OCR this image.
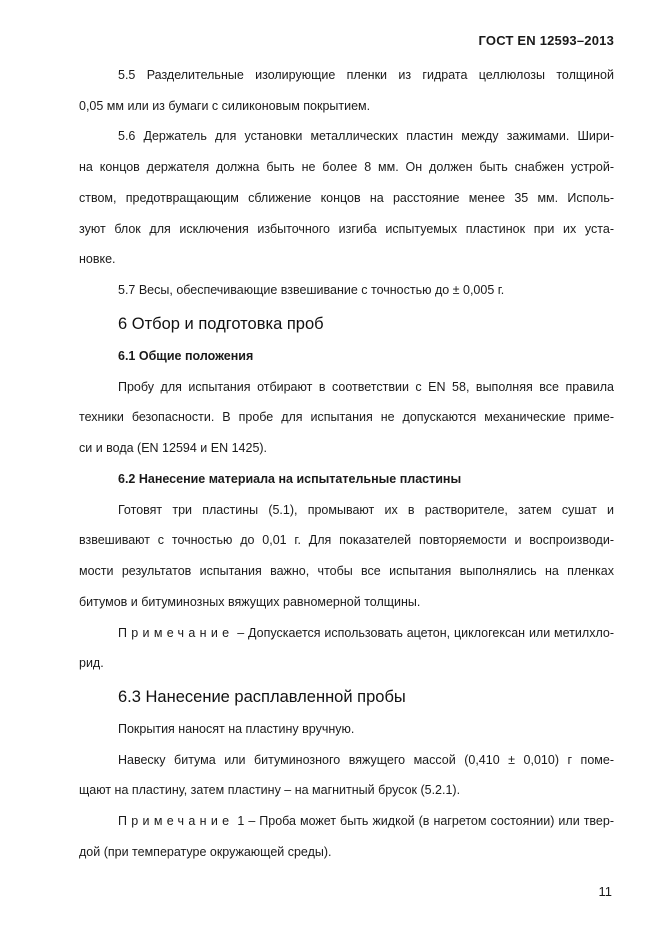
ГОСТ EN 12593–2013

5.5 Разделительные изолирующие пленки из гидрата целлюлозы толщиной

0,05 мм или из бумаги с силиконовым покрытием.

5.6 Держатель для установки металлических пластин между зажимами. Шири-

на концов держателя должна быть не более 8 мм. Он должен быть снабжен устрой-

ством, предотвращающим сближение концов на расстояние менее 35 мм. Исполь-

зуют блок для исключения избыточного изгиба испытуемых пластинок при их уста-

новке.

5.7 Весы, обеспечивающие взвешивание с точностью до ± 0,005 г.

6 Отбор и подготовка проб
6.1 Общие положения

Пробу для испытания отбирают в соответствии с EN 58, выполняя все правила

техники безопасности. В пробе для испытания не допускаются механические приме-

си и вода (EN 12594 и EN 1425).

6.2 Нанесение материала на испытательные пластины

Готовят три пластины (5.1), промывают их в растворителе, затем сушат и

взвешивают с точностью до 0,01 г. Для показателей повторяемости и воспроизводи-

мости результатов испытания важно, чтобы все испытания выполнялись на пленках

битумов и битуминозных вяжущих равномерной толщины.

Примечание – Допускается использовать ацетон, циклогексан или метилхло-

рид.

6.3 Нанесение расплавленной пробы

Покрытия наносят на пластину вручную.

Навеску битума или битуминозного вяжущего массой (0,410 ± 0,010) г поме-

щают на пластину, затем пластину – на магнитный брусок (5.2.1).

Примечание 1 – Проба может быть жидкой (в нагретом состоянии) или твер-

дой (при температуре окружающей среды).

11
